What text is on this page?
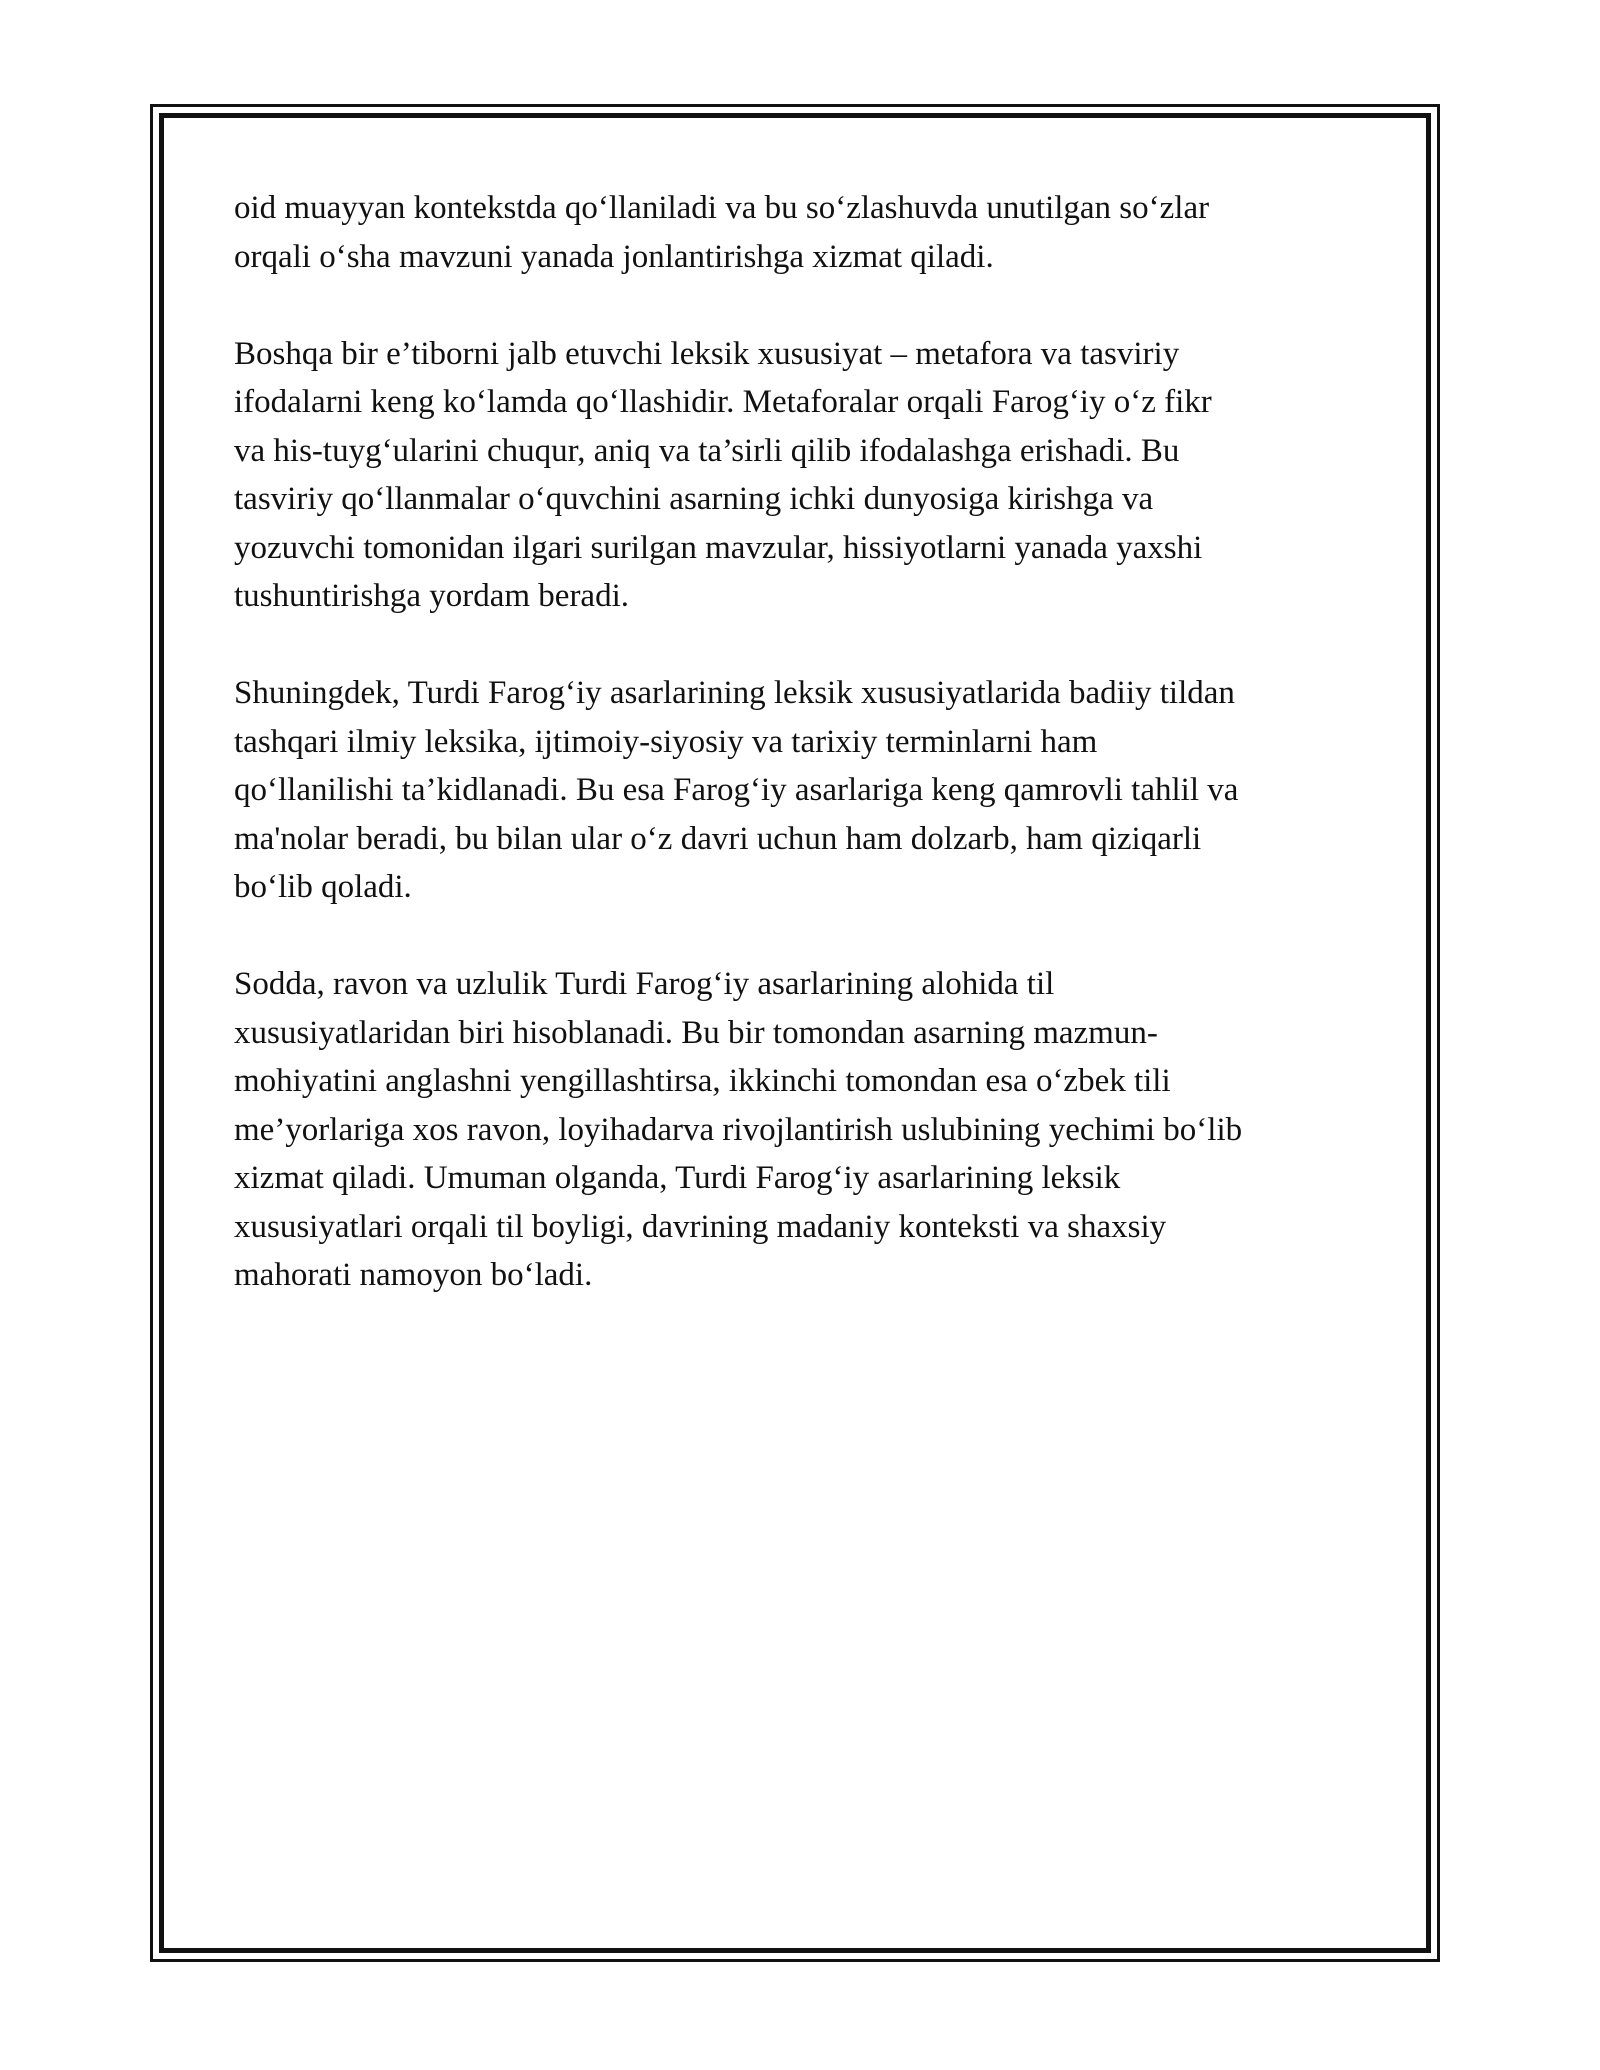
oid muayyan kontekstda qo‘llaniladi va bu so‘zlashuvda unutilgan so‘zlar
orqali o‘sha mavzuni yanada jonlantirishga xizmat qiladi.

Boshqa bir e’tiborni jalb etuvchi leksik xususiyat – metafora va tasviriy
ifodalarni keng ko‘lamda qo‘llashidir. Metaforalar orqali Farog‘iy o‘z fikr
va his-tuyg‘ularini chuqur, aniq va ta’sirli qilib ifodalashga erishadi. Bu
tasviriy qo‘llanmalar o‘quvchini asarning ichki dunyosiga kirishga va
yozuvchi tomonidan ilgari surilgan mavzular, hissiyotlarni yanada yaxshi
tushuntirishga yordam beradi.

Shuningdek, Turdi Farog‘iy asarlarining leksik xususiyatlarida badiiy tildan
tashqari ilmiy leksika, ijtimoiy-siyosiy va tarixiy terminlarni ham
qo‘llanilishi ta’kidlanadi. Bu esa Farog‘iy asarlariga keng qamrovli tahlil va
ma'nolar beradi, bu bilan ular o‘z davri uchun ham dolzarb, ham qiziqarli
bo‘lib qoladi.

Sodda, ravon va uzlulik Turdi Farog‘iy asarlarining alohida til
xususiyatlaridan biri hisoblanadi. Bu bir tomondan asarning mazmun-
mohiyatini anglashni yengillashtirsa, ikkinchi tomondan esa o‘zbek tili
me’yorlariga xos ravon, loyihadarva rivojlantirish uslubining yechimi bo‘lib
xizmat qiladi. Umuman olganda, Turdi Farog‘iy asarlarining leksik
xususiyatlari orqali til boyligi, davrining madaniy konteksti va shaxsiy
mahorati namoyon bo‘ladi.
